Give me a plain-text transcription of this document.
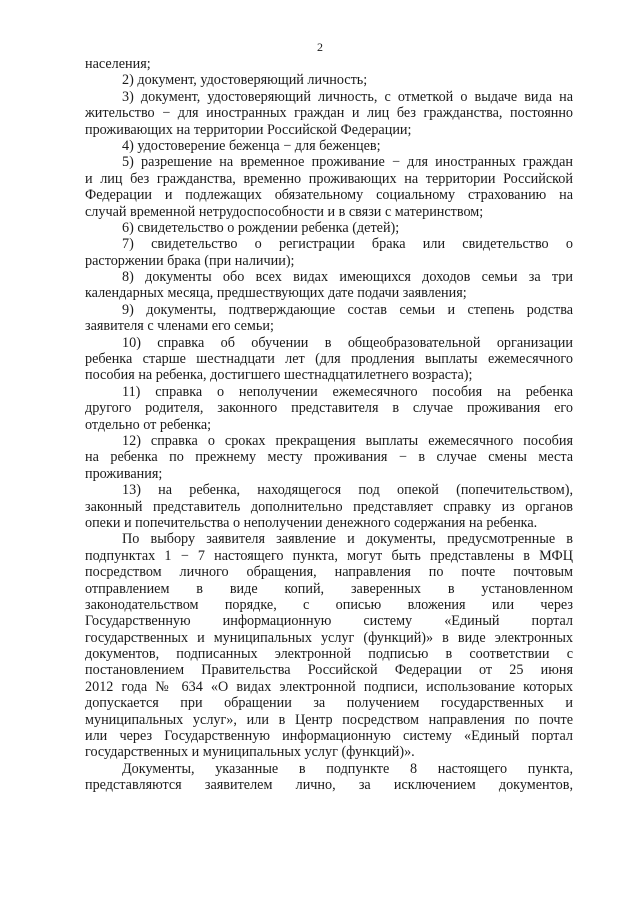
2
населения;
2) документ, удостоверяющий личность;
3) документ, удостоверяющий личность, с отметкой о выдаче вида на
жительство − для иностранных граждан и лиц без гражданства, постоянно
проживающих на территории Российской Федерации;
4) удостоверение беженца − для беженцев;
5) разрешение на временное проживание − для иностранных граждан
и лиц без гражданства, временно проживающих на территории Российской
Федерации и подлежащих обязательному социальному страхованию на
случай временной нетрудоспособности и в связи с материнством;
6) свидетельство о рождении ребенка (детей);
7) свидетельство о регистрации брака или свидетельство о
расторжении брака (при наличии);
8) документы обо всех видах имеющихся доходов семьи за три
календарных месяца, предшествующих дате подачи заявления;
9) документы, подтверждающие состав семьи и степень родства
заявителя с членами его семьи;
10) справка об обучении в общеобразовательной организации
ребенка старше шестнадцати лет (для продления выплаты ежемесячного
пособия на ребенка, достигшего шестнадцатилетнего возраста);
11) справка о неполучении ежемесячного пособия на ребенка
другого родителя, законного представителя в случае проживания его
отдельно от ребенка;
12) справка о сроках прекращения выплаты ежемесячного пособия
на ребенка по прежнему месту проживания − в случае смены места
проживания;
13) на ребенка, находящегося под опекой (попечительством),
законный представитель дополнительно представляет справку из органов
опеки и попечительства о неполучении денежного содержания на ребенка.
По выбору заявителя заявление и документы, предусмотренные в
подпунктах 1 − 7 настоящего пункта, могут быть представлены в МФЦ
посредством личного обращения, направления по почте почтовым
отправлением в виде копий, заверенных в установленном
законодательством порядке, с описью вложения или через
Государственную информационную систему «Единый портал
государственных и муниципальных услуг (функций)» в виде электронных
документов, подписанных электронной подписью в соответствии с
постановлением Правительства Российской Федерации от 25 июня
2012 года № 634 «О видах электронной подписи, использование которых
допускается при обращении за получением государственных и
муниципальных услуг», или в Центр посредством направления по почте
или через Государственную информационную систему «Единый портал
государственных и муниципальных услуг (функций)».
Документы, указанные в подпункте 8 настоящего пункта,
представляются заявителем лично, за исключением документов,
